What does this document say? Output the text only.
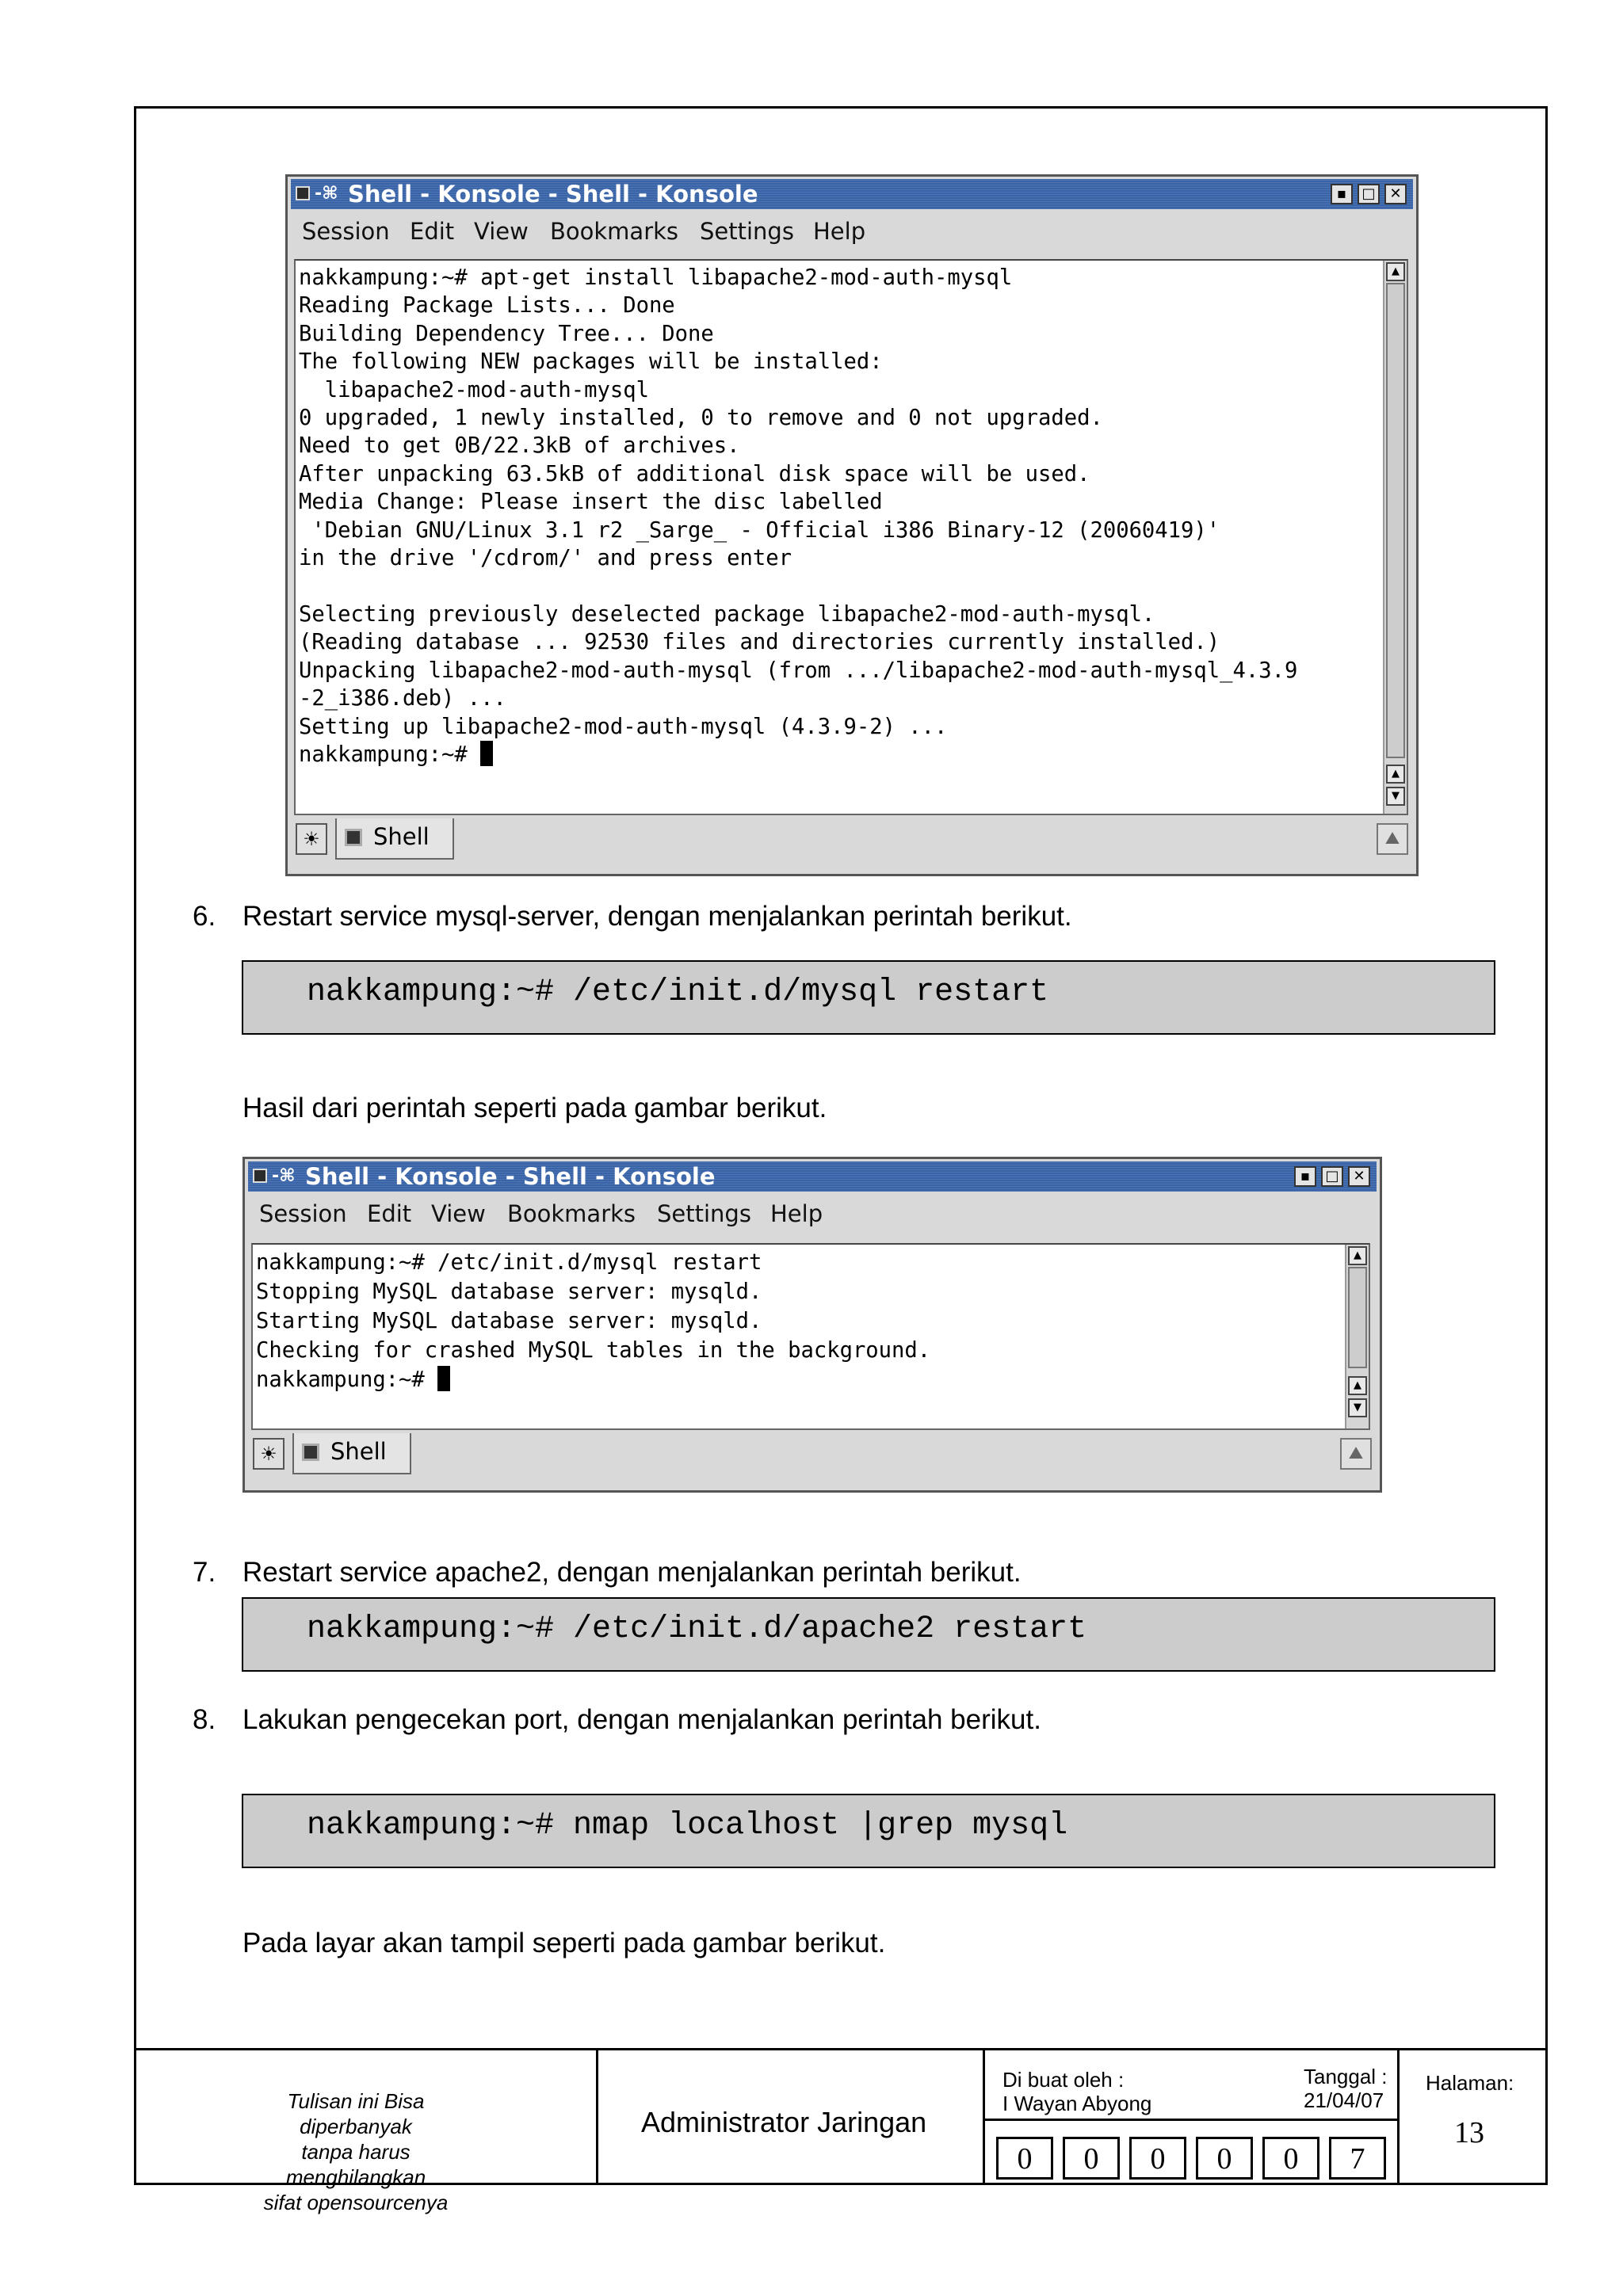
-⌘ Shell - Konsole - Shell - Konsole	▪	□ ✕
Session Edit View Bookmarks Settings Help
nakkampung:~# apt-get install libapache2-mod-auth-mysql
Reading Package Lists... Done
Building Dependency Tree... Done
The following NEW packages will be installed:
libapache2-mod-auth-mysql
0 upgraded, 1 newly installed, 0 to remove and 0 not upgraded.
Need to get 0B/22.3kB of archives.
After unpacking 63.5kB of additional disk space will be used.
Media Change: Please insert the disc labelled
'Debian GNU/Linux 3.1 r2 _Sarge_ - Official i386 Binary-12 (20060419)'
in the drive '/cdrom/' and press enter

Selecting previously deselected package libapache2-mod-auth-mysql.
(Reading database ... 92530 files and directories currently installed.)
Unpacking libapache2-mod-auth-mysql (from .../libapache2-mod-auth-mysql_4.3.9
-2_i386.deb) ...
Setting up libapache2-mod-auth-mysql (4.3.9-2) ...
nakkampung:~#
▲
▲
▼
☀	Shell	⛰
6. Restart service mysql-server, dengan menjalankan perintah berikut.
nakkampung:~# /etc/init.d/mysql restart
Hasil dari perintah seperti pada gambar berikut.
-⌘ Shell - Konsole - Shell - Konsole	▪	□ ✕
Session Edit View Bookmarks Settings Help
nakkampung:~# /etc/init.d/mysql restart
Stopping MySQL database server: mysqld.
Starting MySQL database server: mysqld.
Checking for crashed MySQL tables in the background.
nakkampung:~#
▲
▲
▼
☀	Shell	⛰
7. Restart service apache2, dengan menjalankan perintah berikut.
nakkampung:~# /etc/init.d/apache2 restart
8. Lakukan pengecekan port, dengan menjalankan perintah berikut.
nakkampung:~# nmap localhost |grep mysql
Pada layar akan tampil seperti pada gambar berikut.
Tulisan ini Bisa diperbanyak
tanpa harus menghilangkan
sifat opensourcenya
Administrator Jaringan
Di buat oleh :
I Wayan Abyong
Tanggal :
21/04/07
0	0	0	0	0	7
Halaman:
13
